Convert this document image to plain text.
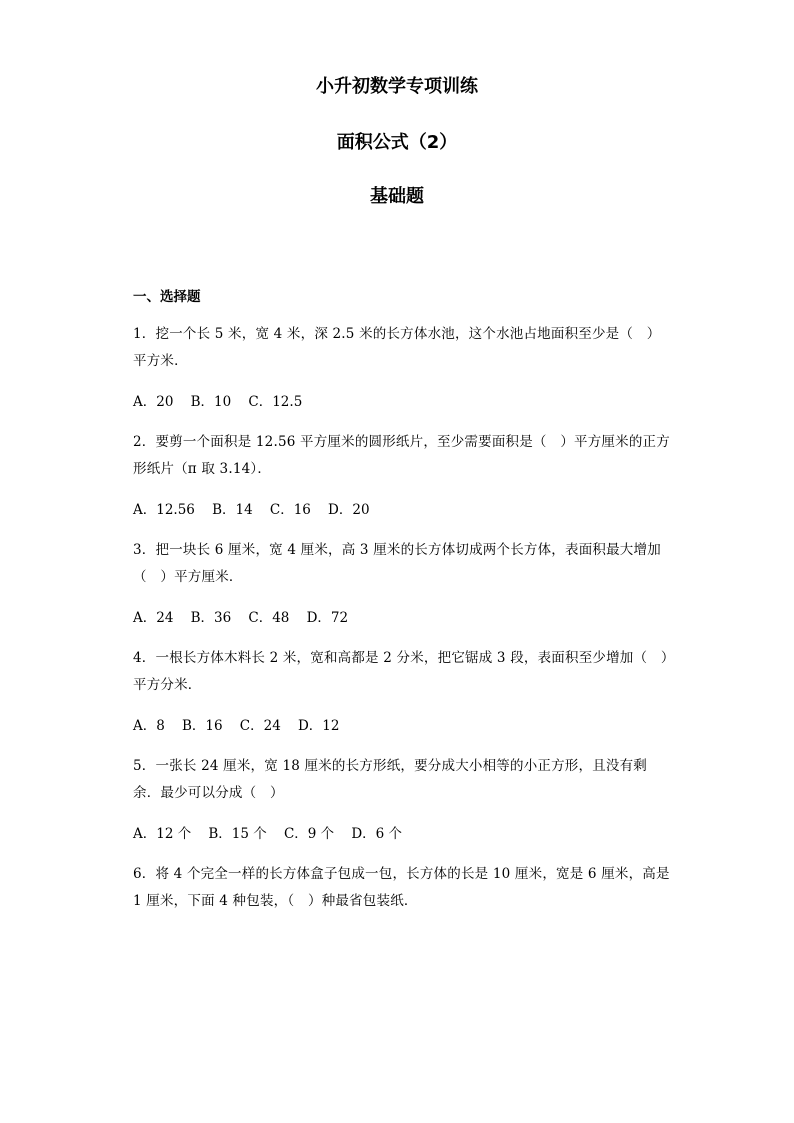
小升初数学专项训练
面积公式（2）
基础题
一、选择题
1．挖一个长 5 米，宽 4 米，深 2.5 米的长方体水池，这个水池占地面积至少是（　）平方米．
A．20 B．10 C．12.5
2．要剪一个面积是 12.56 平方厘米的圆形纸片，至少需要面积是（　）平方厘米的正方形纸片（π 取 3.14）．
A．12.56 B．14 C．16 D．20
3．把一块长 6 厘米，宽 4 厘米，高 3 厘米的长方体切成两个长方体，表面积最大增加（　）平方厘米．
A．24 B．36 C．48 D．72
4．一根长方体木料长 2 米，宽和高都是 2 分米，把它锯成 3 段，表面积至少增加（　）平方分米．
A．8 B．16 C．24 D．12
5．一张长 24 厘米，宽 18 厘米的长方形纸，要分成大小相等的小正方形，且没有剩余．最少可以分成（　）
A．12 个 B．15 个 C．9 个 D．6 个
6．将 4 个完全一样的长方体盒子包成一包，长方体的长是 10 厘米，宽是 6 厘米，高是 1 厘米，下面 4 种包装，（　）种最省包装纸．
